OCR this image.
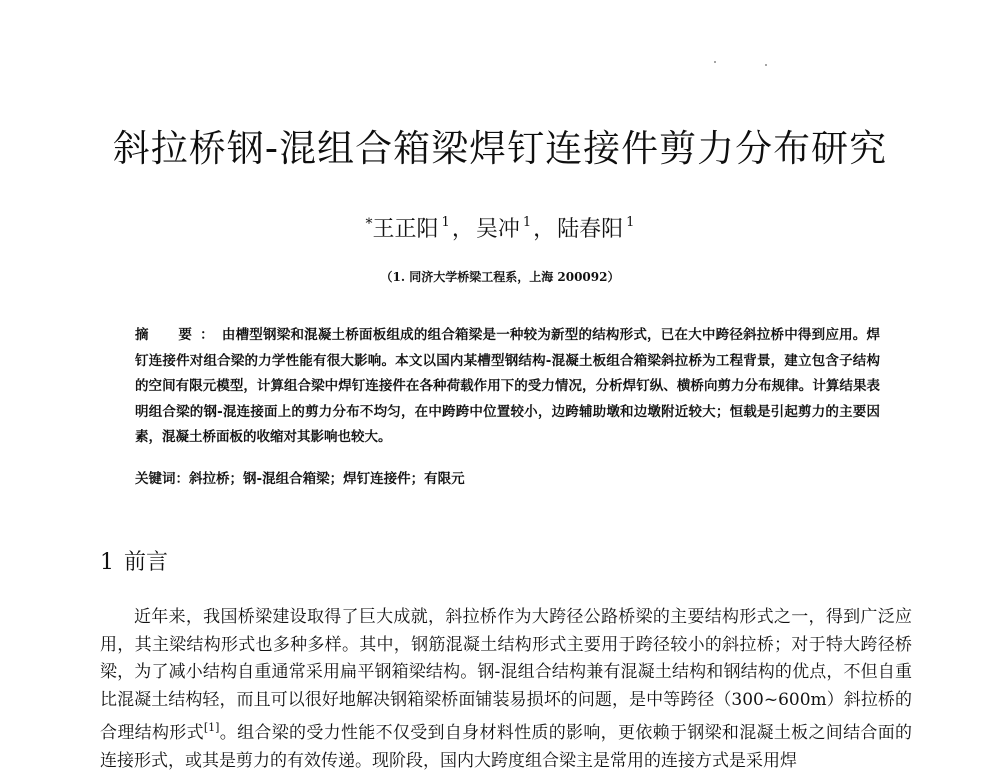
斜拉桥钢-混组合箱梁焊钉连接件剪力分布研究
*王正阳 $^1$，吴冲 $^1$，陆春阳 $^1$
（1. 同济大学桥梁工程系，上海 200092）
摘　要：由槽型钢梁和混凝土桥面板组成的组合箱梁是一种较为新型的结构形式，已在大中跨径斜拉桥中得到应用。焊钉连接件对组合梁的力学性能有很大影响。本文以国内某槽型钢结构-混凝土板组合箱梁斜拉桥为工程背景，建立包含子结构的空间有限元模型，计算组合梁中焊钉连接件在各种荷载作用下的受力情况，分析焊钉纵、横桥向剪力分布规律。计算结果表明组合梁的钢-混连接面上的剪力分布不均匀，在中跨跨中位置较小，边跨辅助墩和边墩附近较大；恒载是引起剪力的主要因素，混凝土桥面板的收缩对其影响也较大。
关键词：斜拉桥；钢-混组合箱梁；焊钉连接件；有限元
1 前言
近年来，我国桥梁建设取得了巨大成就，斜拉桥作为大跨径公路桥梁的主要结构形式之一，得到广泛应用，其主梁结构形式也多种多样。其中，钢筋混凝土结构形式主要用于跨径较小的斜拉桥；对于特大跨径桥梁，为了减小结构自重通常采用扁平钢箱梁结构。钢-混组合结构兼有混凝土结构和钢结构的优点，不但自重比混凝土结构轻，而且可以很好地解决钢箱梁桥面铺装易损坏的问题，是中等跨径（300~600m）斜拉桥的合理结构形式[1]。组合梁的受力性能不仅受到自身材料性质的影响，更依赖于钢梁和混凝土板之间结合面的连接形式，或其是剪力的有效传递。现阶段，国内大跨度组合梁主是常用的连接方式是采用焊
